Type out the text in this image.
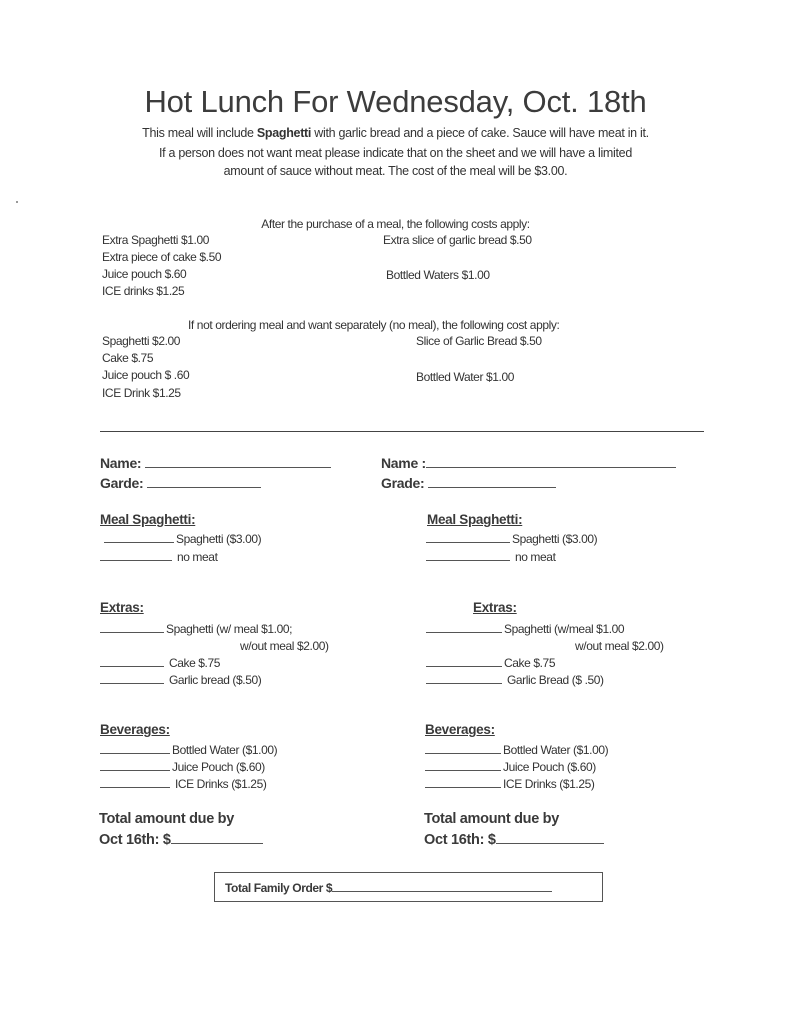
Hot Lunch For Wednesday, Oct. 18th
This meal will include Spaghetti with garlic bread and a piece of cake. Sauce will have meat in it.
If a person does not want meat please indicate that on the sheet and we will have a limited
amount of sauce without meat. The cost of the meal will be $3.00.
After the purchase of a meal, the following costs apply:
Extra Spaghetti $1.00
Extra piece of cake $.50
Juice pouch $.60
ICE drinks $1.25
Extra slice of garlic bread $.50
Bottled Waters $1.00
If not ordering meal and want separately (no meal), the following cost apply:
Spaghetti $2.00
Cake $.75
Juice pouch $ .60
ICE Drink $1.25
Slice of Garlic Bread $.50
Bottled Water $1.00
Name:
Garde:
Meal Spaghetti:
Spaghetti ($3.00)
no meat
Extras:
Spaghetti (w/ meal $1.00;
w/out meal $2.00)
Cake $.75
Garlic bread ($.50)
Beverages:
Bottled Water ($1.00)
Juice Pouch ($.60)
ICE Drinks ($1.25)
Total amount due by
Oct 16th: $
Name :
Grade:
Meal Spaghetti:
Spaghetti ($3.00)
no meat
Extras:
Spaghetti (w/meal $1.00
w/out meal $2.00)
Cake $.75
Garlic Bread ($ .50)
Beverages:
Bottled Water ($1.00)
Juice Pouch ($.60)
ICE Drinks ($1.25)
Total amount due by
Oct 16th: $
Total Family Order $
